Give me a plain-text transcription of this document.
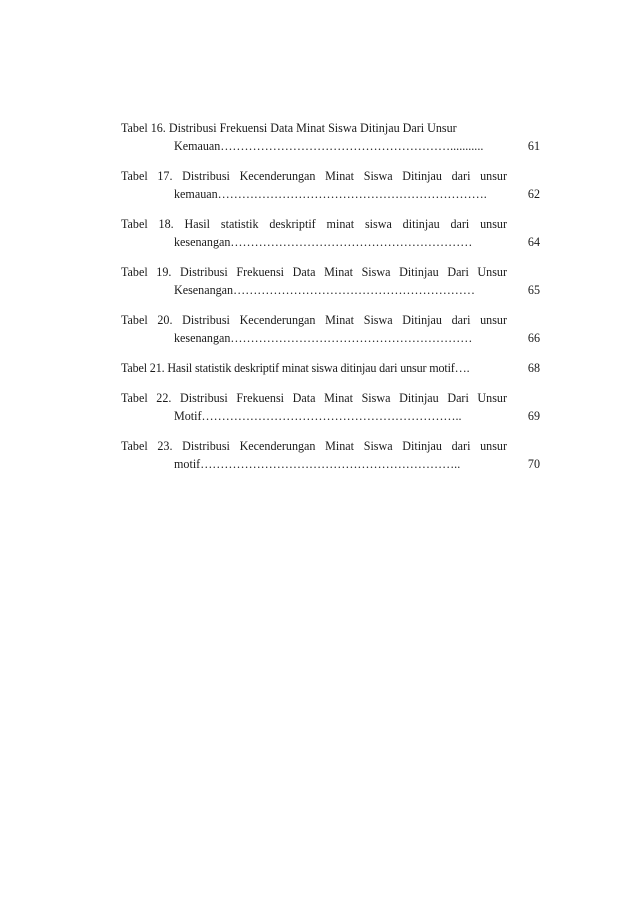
Tabel 16. Distribusi Frekuensi Data Minat Siswa Ditinjau Dari Unsur
Kemauan…………………………………………………...........	61
Tabel 17. Distribusi Kecenderungan Minat Siswa Ditinjau dari unsur
kemauan………………………………………………………….	62
Tabel 18. Hasil statistik deskriptif minat siswa ditinjau dari unsur
kesenangan……………………………………………………	64
Tabel 19. Distribusi Frekuensi Data Minat Siswa Ditinjau Dari Unsur
Kesenangan……………………………………………………	65
Tabel 20. Distribusi Kecenderungan Minat Siswa Ditinjau dari unsur
kesenangan……………………………………………………	66
Tabel 21. Hasil statistik deskriptif minat siswa ditinjau dari unsur motif….	68
Tabel 22. Distribusi Frekuensi Data Minat Siswa Ditinjau Dari Unsur
Motif………………………………………………………..	69
Tabel 23. Distribusi Kecenderungan Minat Siswa Ditinjau dari unsur
motif………………………………………………………..	70
